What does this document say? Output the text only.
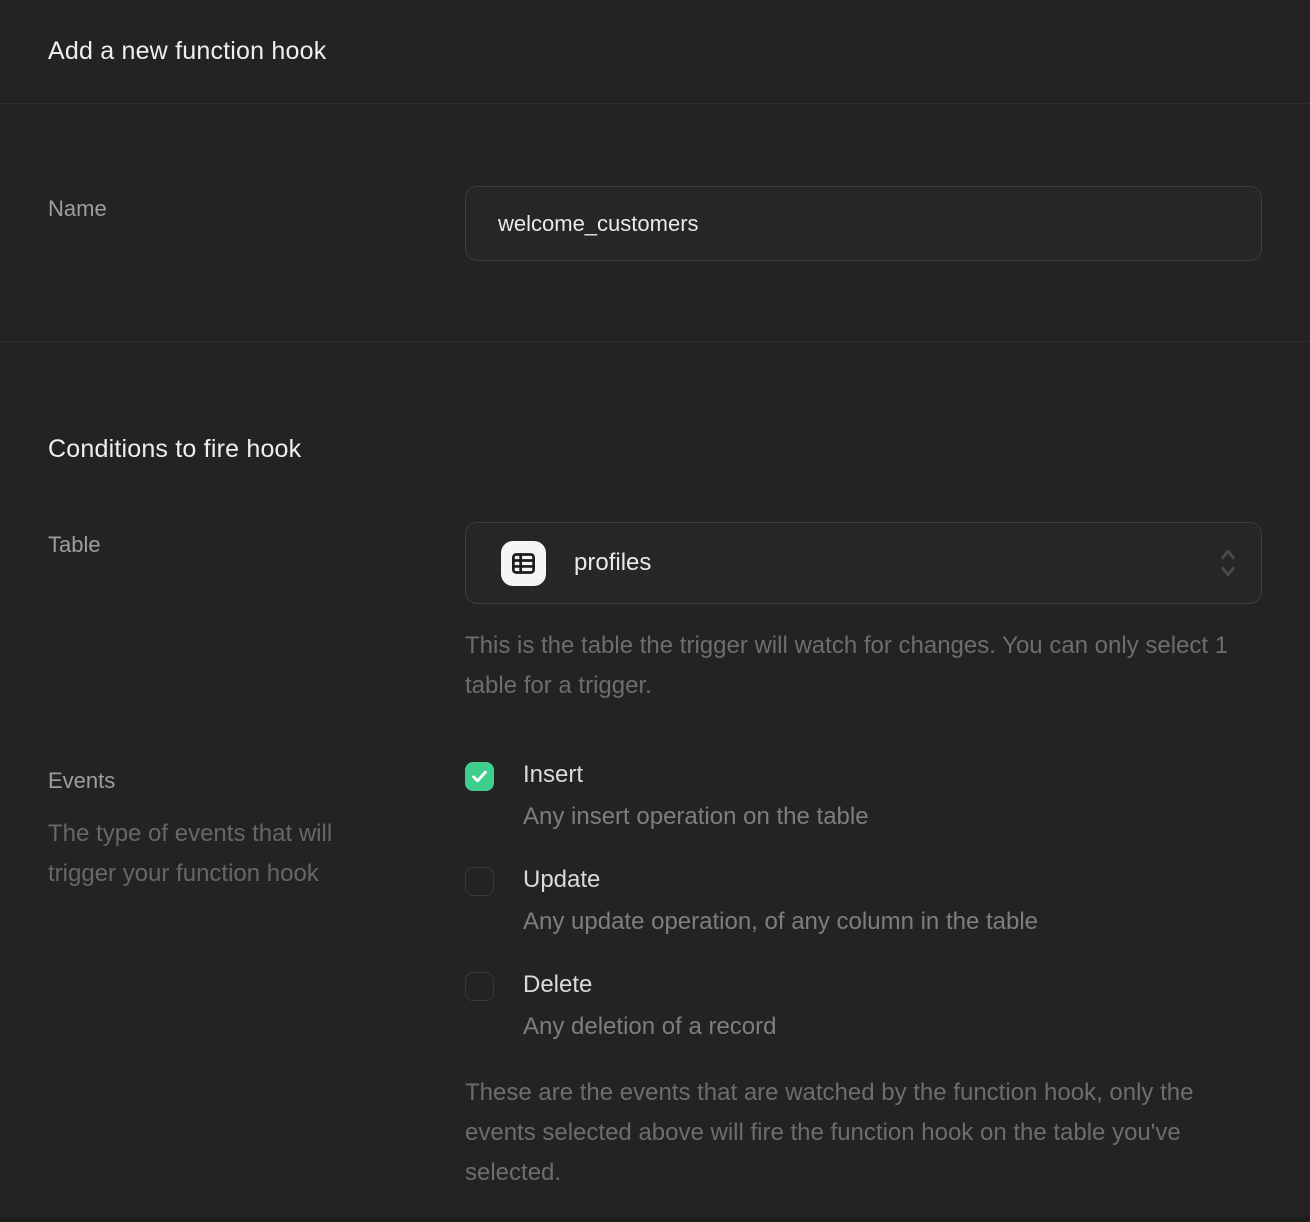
Add a new function hook
Name
welcome_customers
Conditions to fire hook
Table
profiles
This is the table the trigger will watch for changes. You can only select 1 table for a trigger.
Events
The type of events that will trigger your function hook
Insert
Any insert operation on the table
Update
Any update operation, of any column in the table
Delete
Any deletion of a record
These are the events that are watched by the function hook, only the events selected above will fire the function hook on the table you've selected.
